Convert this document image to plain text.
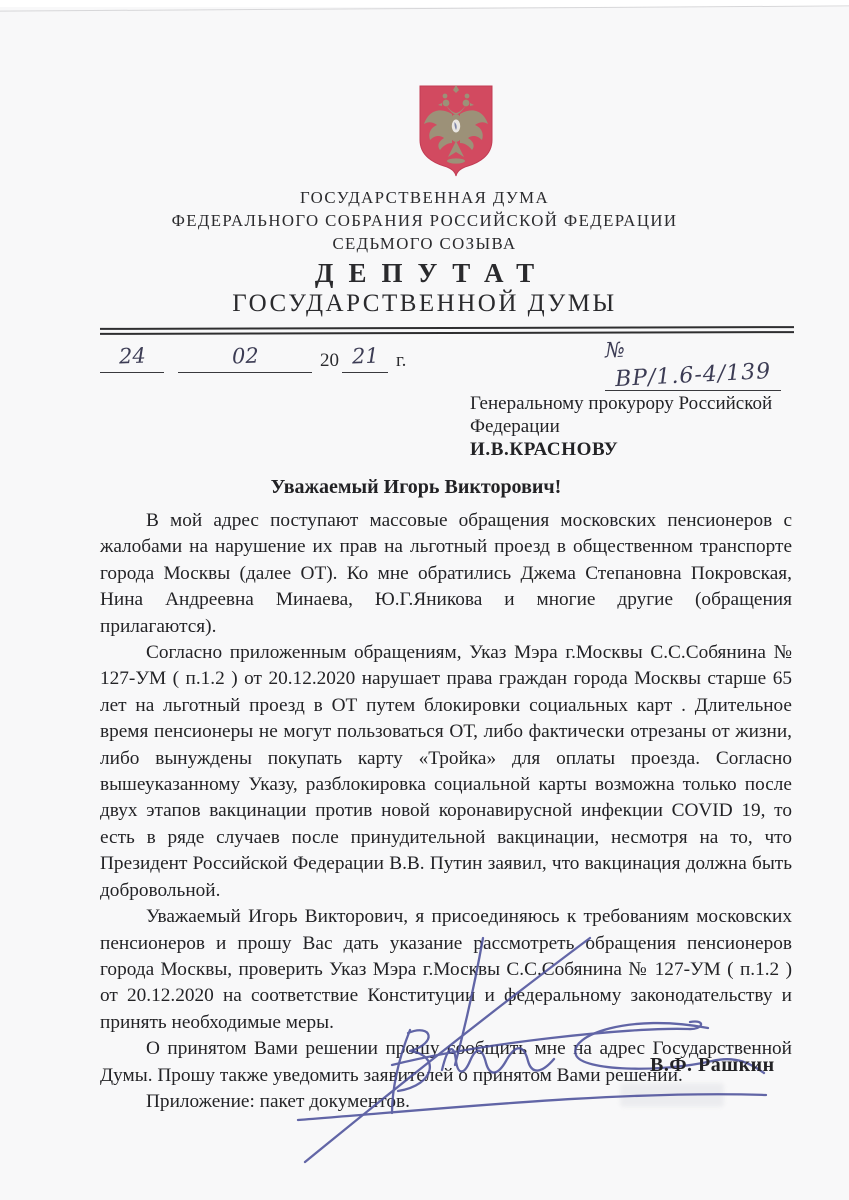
ГОСУДАРСТВЕННАЯ ДУМА
ФЕДЕРАЛЬНОГО СОБРАНИЯ РОССИЙСКОЙ ФЕДЕРАЦИИ
СЕДЬМОГО СОЗЫВА
ДЕПУТАТ
ГОСУДАРСТВЕННОЙ ДУМЫ
24	02	20 21 г.	№ВР/1.6-4/139
Генеральному прокурору Российской
Федерации
И.В.КРАСНОВУ
Уважаемый Игорь Викторович!

В мой адрес поступают массовые обращения московских пенсионеров с жалобами на нарушение их прав на льготный проезд в общественном транспорте города Москвы (далее ОТ). Ко мне обратились Джема Степановна Покровская, Нина Андреевна Минаева, Ю.Г.Яникова и многие другие (обращения прилагаются).

Согласно приложенным обращениям, Указ Мэра г.Москвы С.С.Собянина № 127-УМ ( п.1.2 ) от 20.12.2020 нарушает права граждан города Москвы старше 65 лет на льготный проезд в ОТ путем блокировки социальных карт . Длительное время пенсионеры не могут пользоваться ОТ, либо фактически отрезаны от жизни, либо вынуждены покупать карту «Тройка» для оплаты проезда. Согласно вышеуказанному Указу, разблокировка социальной карты возможна только после двух этапов вакцинации против новой коронавирусной инфекции COVID 19, то есть в ряде случаев после принудительной вакцинации, несмотря на то, что Президент Российской Федерации В.В. Путин заявил, что вакцинация должна быть добровольной.

Уважаемый Игорь Викторович, я присоединяюсь к требованиям московских пенсионеров и прошу Вас дать указание рассмотреть обращения пенсионеров города Москвы, проверить Указ Мэра г.Москвы С.С.Собянина № 127-УМ ( п.1.2 ) от 20.12.2020 на соответствие Конституции и федеральному законодательству и принять необходимые меры.

О принятом Вами решении прошу сообщить мне на адрес Государственной Думы. Прошу также уведомить заявителей о принятом Вами решении.

Приложение: пакет документов.

В.Ф. Рашкин
